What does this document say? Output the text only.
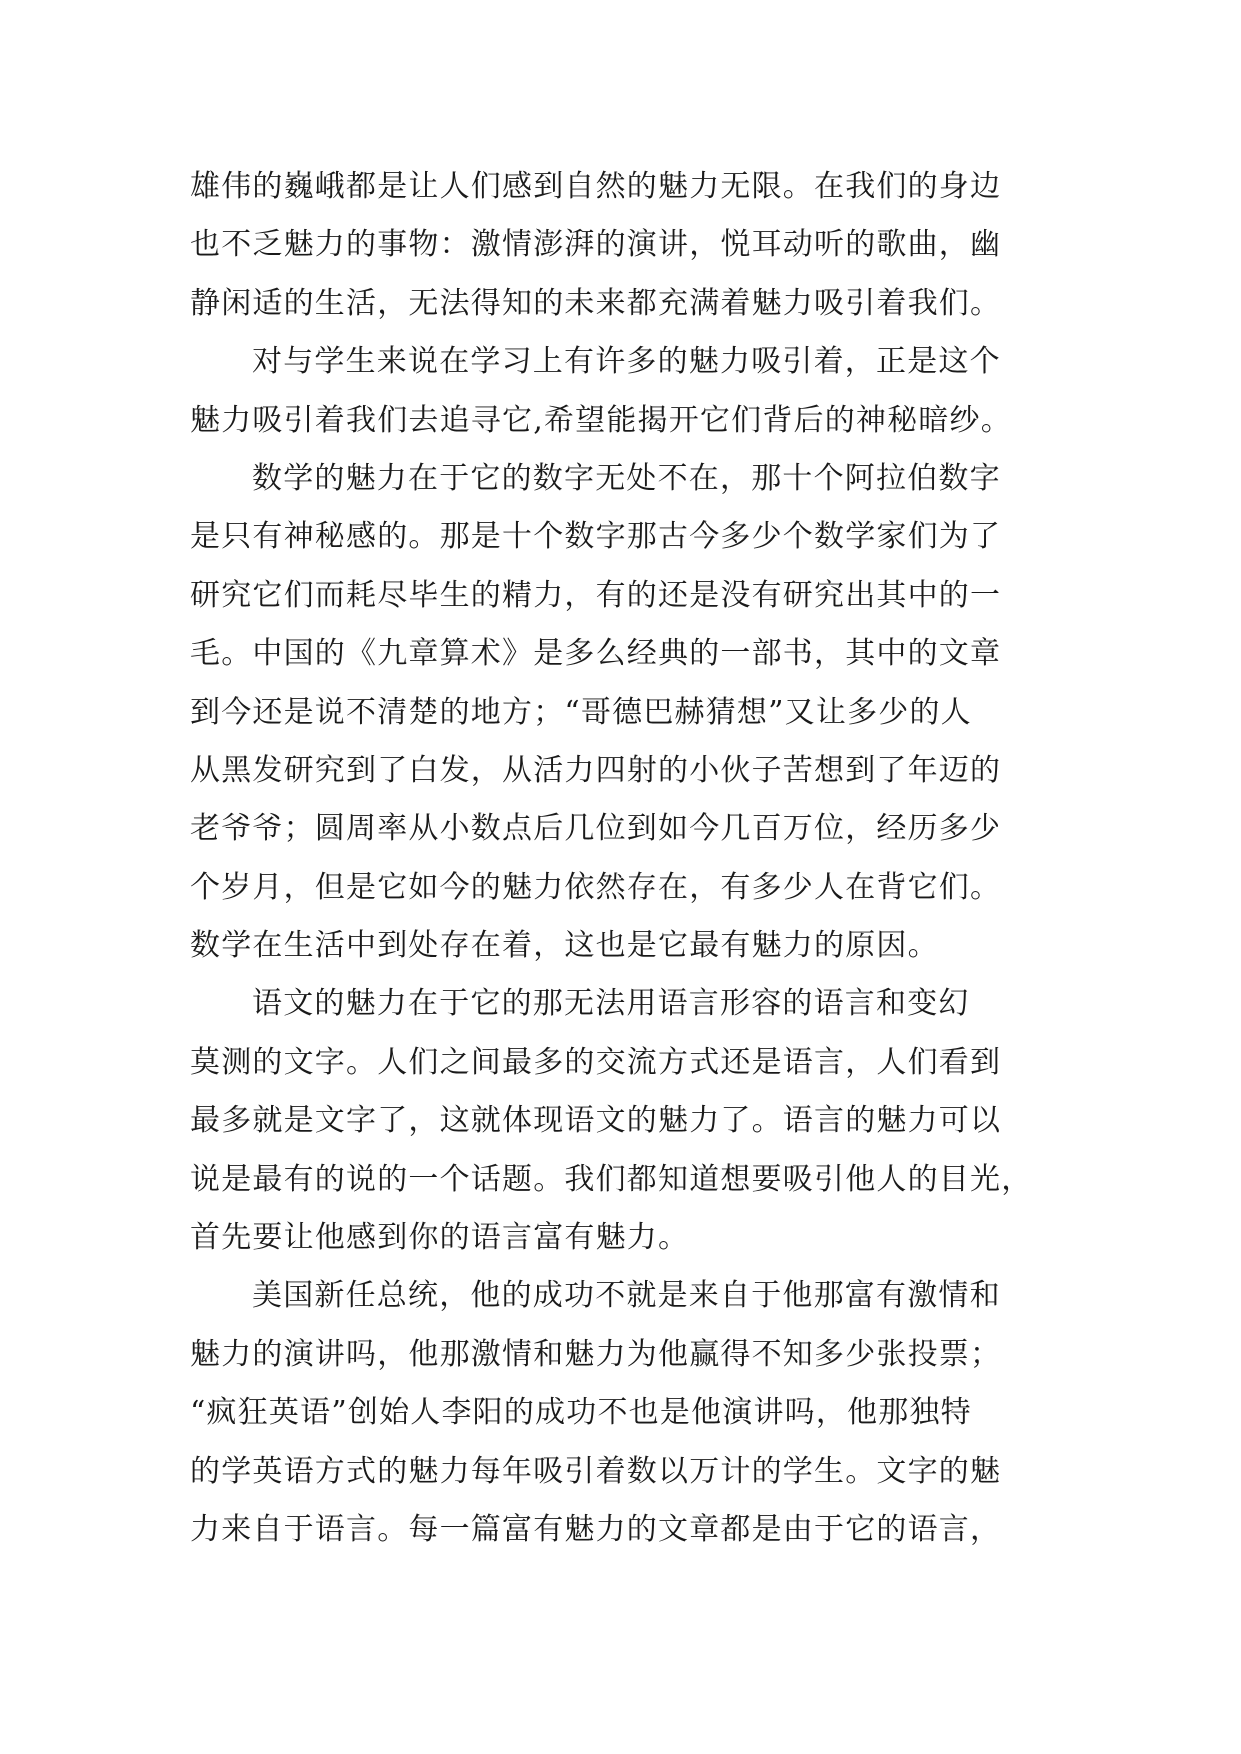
雄伟的巍峨都是让人们感到自然的魅力无限。在我们的身边
也不乏魅力的事物：激情澎湃的演讲，悦耳动听的歌曲，幽
静闲适的生活，无法得知的未来都充满着魅力吸引着我们。
对与学生来说在学习上有许多的魅力吸引着，正是这个
魅力吸引着我们去追寻它,希望能揭开它们背后的神秘暗纱。
数学的魅力在于它的数字无处不在，那十个阿拉伯数字
是只有神秘感的。那是十个数字那古今多少个数学家们为了
研究它们而耗尽毕生的精力，有的还是没有研究出其中的一
毛。中国的《九章算术》是多么经典的一部书，其中的文章
到今还是说不清楚的地方；“哥德巴赫猜想”又让多少的人
从黑发研究到了白发，从活力四射的小伙子苦想到了年迈的
老爷爷；圆周率从小数点后几位到如今几百万位，经历多少
个岁月，但是它如今的魅力依然存在，有多少人在背它们。
数学在生活中到处存在着，这也是它最有魅力的原因。
语文的魅力在于它的那无法用语言形容的语言和变幻
莫测的文字。人们之间最多的交流方式还是语言，人们看到
最多就是文字了，这就体现语文的魅力了。语言的魅力可以
说是最有的说的一个话题。我们都知道想要吸引他人的目光，
首先要让他感到你的语言富有魅力。
美国新任总统，他的成功不就是来自于他那富有激情和
魅力的演讲吗，他那激情和魅力为他赢得不知多少张投票；
“疯狂英语”创始人李阳的成功不也是他演讲吗，他那独特
的学英语方式的魅力每年吸引着数以万计的学生。文字的魅
力来自于语言。每一篇富有魅力的文章都是由于它的语言，
